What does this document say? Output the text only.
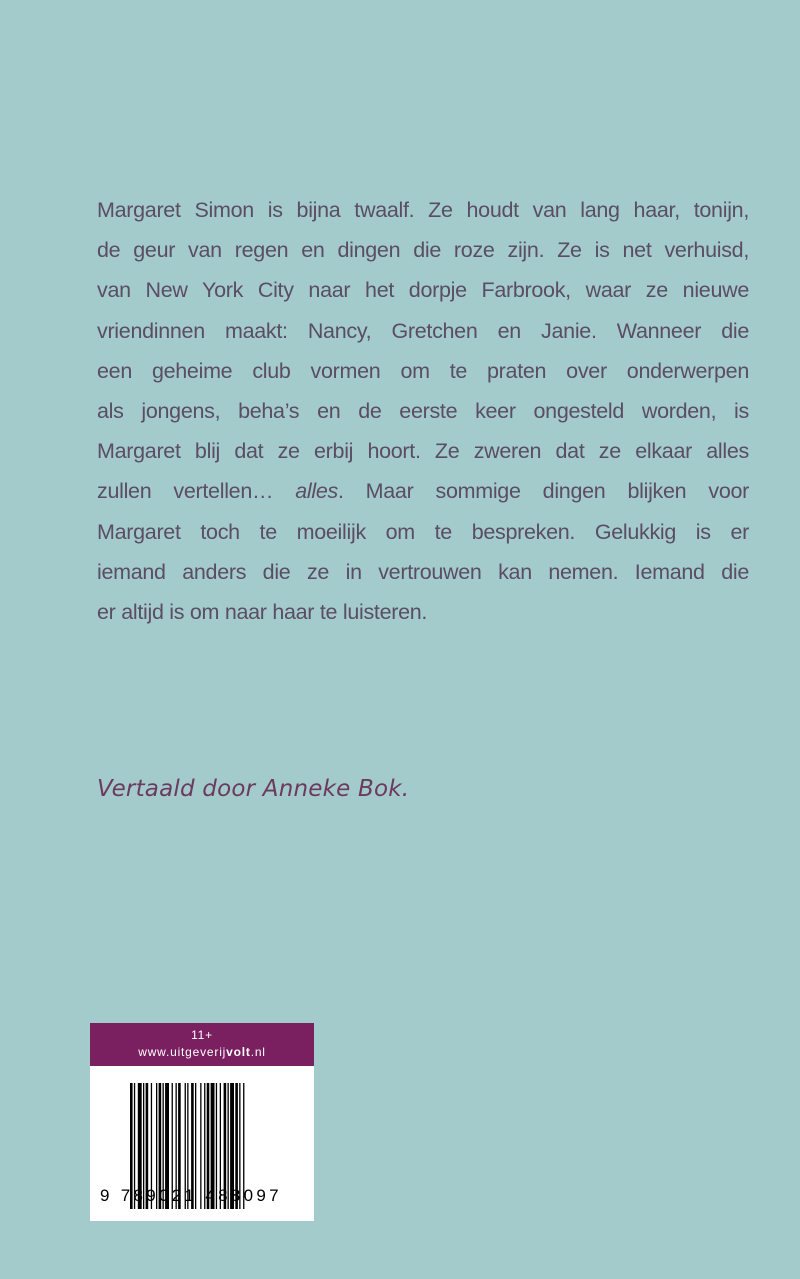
Margaret Simon is bijna twaalf. Ze houdt van lang haar, tonijn,
de geur van regen en dingen die roze zijn. Ze is net verhuisd,
van New York City naar het dorpje Farbrook, waar ze nieuwe
vriendinnen maakt: Nancy, Gretchen en Janie. Wanneer die
een geheime club vormen om te praten over onderwerpen
als jongens, beha’s en de eerste keer ongesteld worden, is
Margaret blij dat ze erbij hoort. Ze zweren dat ze elkaar alles
zullen vertellen… alles. Maar sommige dingen blijken voor
Margaret toch te moeilijk om te bespreken. Gelukkig is er
iemand anders die ze in vertrouwen kan nemen. Iemand die
er altijd is om naar haar te luisteren.
Vertaald door Anneke Bok.
11+
www.uitgeverijvolt.nl
9 789021 488097
